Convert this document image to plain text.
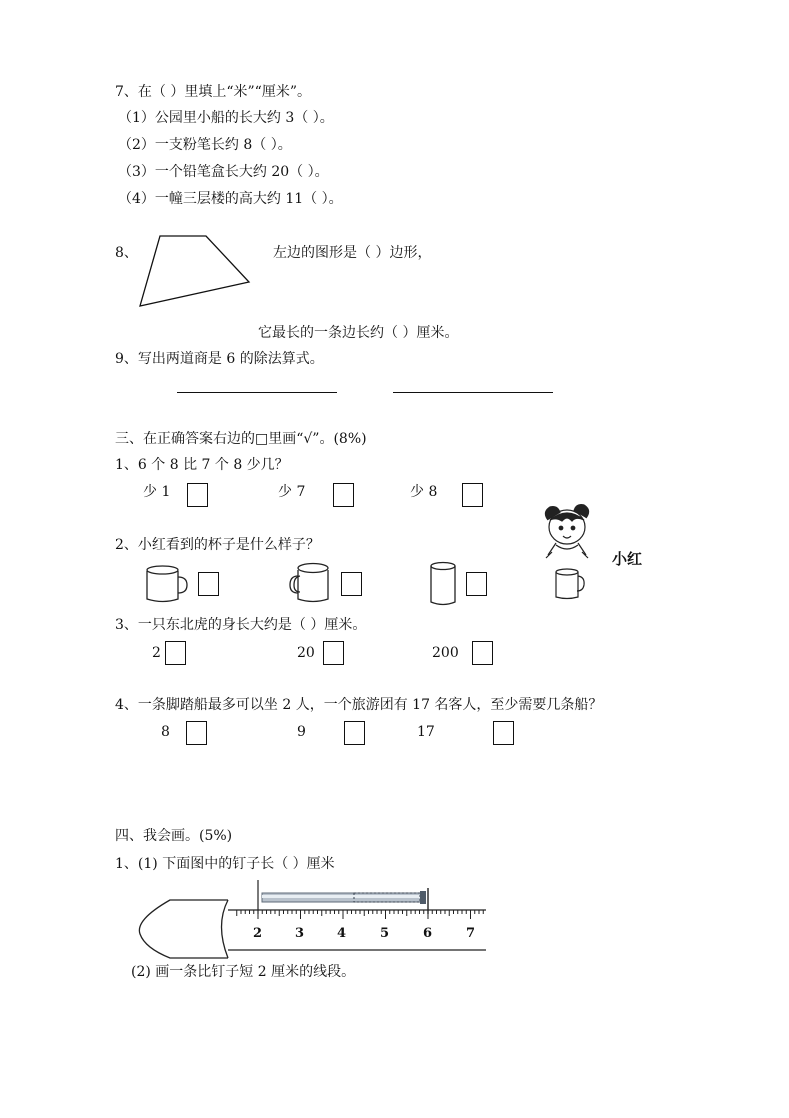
7、在（ ）里填上“米”“厘米”。
（1）公园里小船的长大约 3（ ）。
（2）一支粉笔长约 8（ ）。
（3）一个铅笔盒长大约 20（ ）。
（4）一幢三层楼的高大约 11（ ）。
8、	左边的图形是（ ）边形，
它最长的一条边长约（ ）厘米。
9、写出两道商是 6 的除法算式。
三、在正确答案右边的□里画“√”。(8%)
1、6 个 8 比 7 个 8 少几？
少 1	少 7	少 8
2、小红看到的杯子是什么样子？
小红
3、一只东北虎的身长大约是（ ）厘米。
2	20	200
4、一条脚踏船最多可以坐 2 人，一个旅游团有 17 名客人，至少需要几条船？
8	9	17
四、我会画。(5%)
1、(1) 下面图中的钉子长（ ）厘米
2	3	4	5	6	7
(2) 画一条比钉子短 2 厘米的线段。
